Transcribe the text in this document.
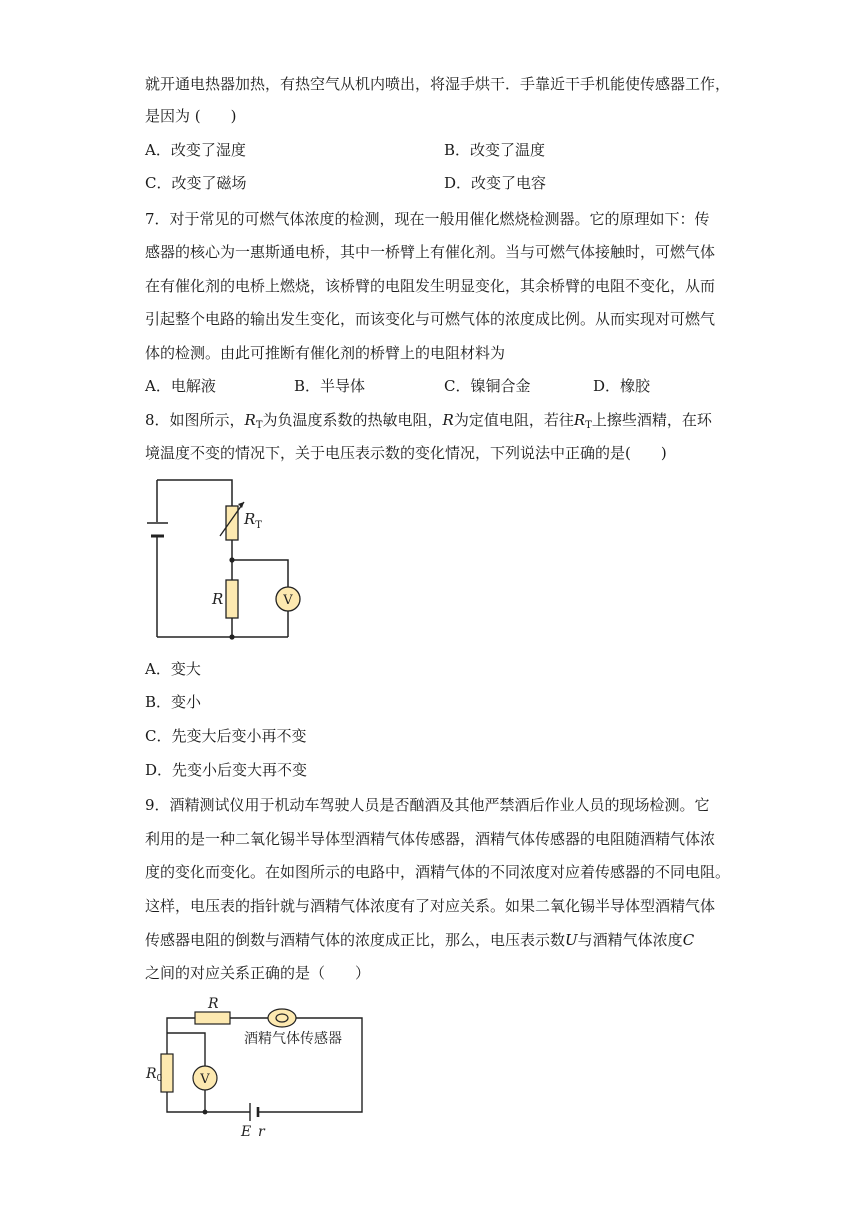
就开通电热器加热，有热空气从机内喷出，将湿手烘干．手靠近干手机能使传感器工作，
是因为 (　　)
A．改变了湿度	B．改变了温度
C．改变了磁场	D．改变了电容
7．对于常见的可燃气体浓度的检测，现在一般用催化燃烧检测器。它的原理如下：传
感器的核心为一惠斯通电桥，其中一桥臂上有催化剂。当与可燃气体接触时，可燃气体
在有催化剂的电桥上燃烧，该桥臂的电阻发生明显变化，其余桥臂的电阻不变化，从而
引起整个电路的输出发生变化，而该变化与可燃气体的浓度成比例。从而实现对可燃气
体的检测。由此可推断有催化剂的桥臂上的电阻材料为
A．电解液	B．半导体	C．镍铜合金	D．橡胶
8．如图所示，$R_T$为负温度系数的热敏电阻，R为定值电阻，若往$R_T$上擦些酒精，在环
境温度不变的情况下，关于电压表示数的变化情况，下列说法中正确的是(　　)
$R_T$
R	V
A．变大
B．变小
C．先变大后变小再不变
D．先变小后变大再不变
9．酒精测试仪用于机动车驾驶人员是否酗酒及其他严禁酒后作业人员的现场检测。它
利用的是一种二氧化锡半导体型酒精气体传感器，酒精气体传感器的电阻随酒精气体浓
度的变化而变化。在如图所示的电路中，酒精气体的不同浓度对应着传感器的不同电阻。
这样，电压表的指针就与酒精气体浓度有了对应关系。如果二氧化锡半导体型酒精气体
传感器电阻的倒数与酒精气体的浓度成正比，那么，电压表示数U与酒精气体浓度C
之间的对应关系正确的是（　　）
R
酒精气体传感器
$R_0$	V
E r
